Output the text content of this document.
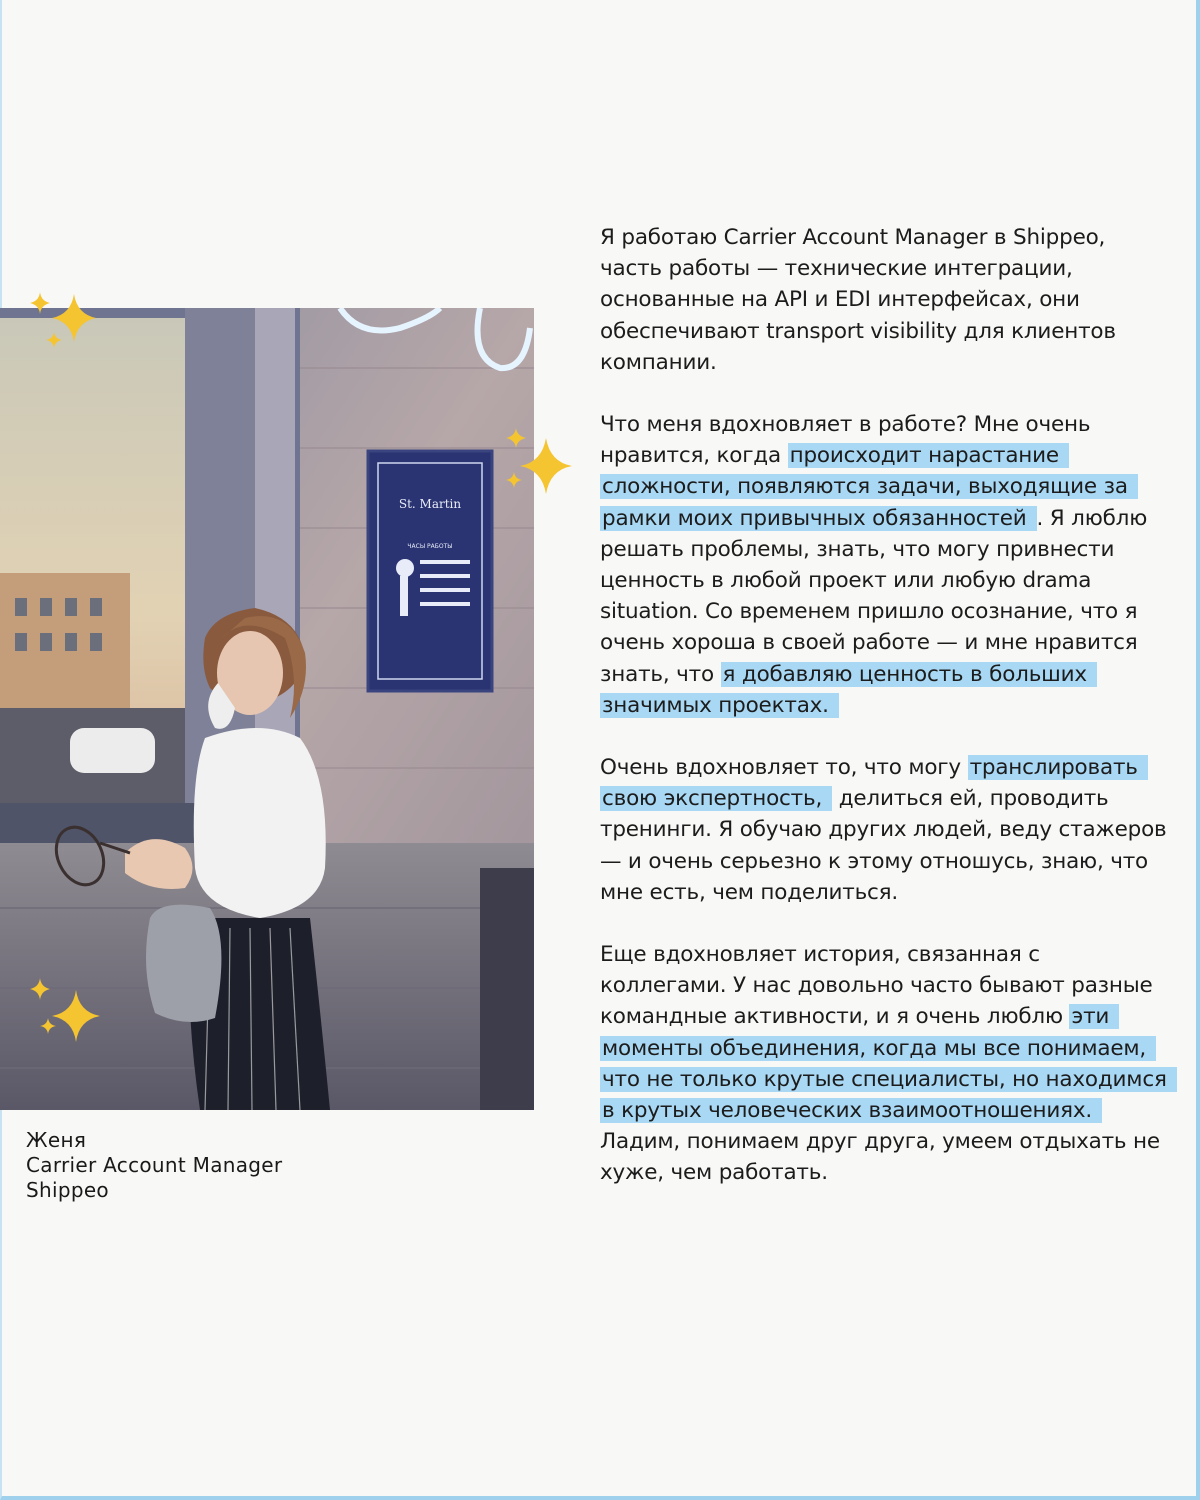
St. Martin
ЧАСЫ РАБОТЫ
Женя
Carrier Account Manager
Shippeo

Я работаю Carrier Account Manager в Shippeo, часть работы — технические интеграции, основанные на API и EDI интерфейсах, они обеспечивают transport visibility для клиентов компании.

Что меня вдохновляет в работе? Мне очень нравится, когда происходит нарастание сложности, появляются задачи, выходящие за рамки моих привычных обязанностей . Я люблю решать проблемы, знать, что могу привнести ценность в любой проект или любую drama situation. Со временем пришло осознание, что я очень хороша в своей работе — и мне нравится знать, что я добавляю ценность в больших значимых проектах.

Очень вдохновляет то, что могу транслировать свою экспертность, делиться ей, проводить тренинги. Я обучаю других людей, веду стажеров — и очень серьезно к этому отношусь, знаю, что мне есть, чем поделиться.

Еще вдохновляет история, связанная с коллегами. У нас довольно часто бывают разные командные активности, и я очень люблю эти моменты объединения, когда мы все понимаем, что не только крутые специалисты, но находимся в крутых человеческих взаимоотношениях. Ладим, понимаем друг друга, умеем отдыхать не хуже, чем работать.
